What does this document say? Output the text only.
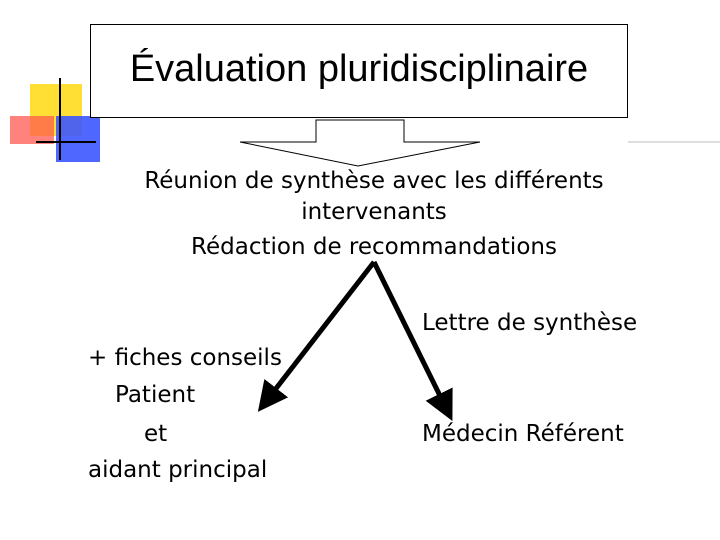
Évaluation pluridisciplinaire
Réunion de synthèse avec les différents
intervenants
Rédaction de recommandations
+ fiches conseils
Patient
et
aidant principal
Lettre de synthèse
Médecin Référent
